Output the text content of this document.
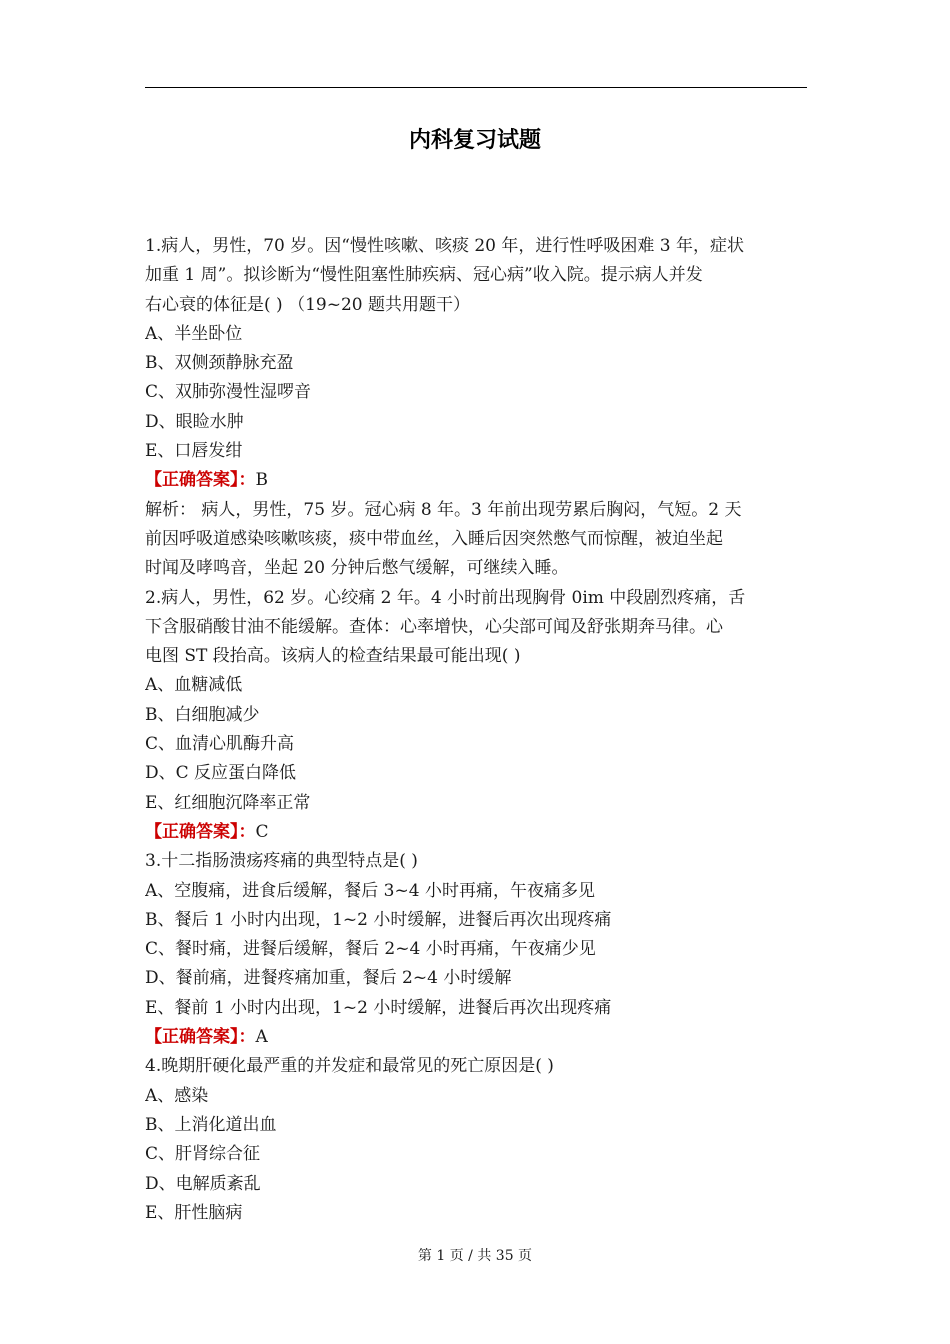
内科复习试题
1.病人，男性，70 岁。因“慢性咳嗽、咳痰 20 年，进行性呼吸困难 3 年，症状
加重 1 周”。拟诊断为“慢性阻塞性肺疾病、冠心病”收入院。提示病人并发
右心衰的体征是( ) （19~20 题共用题干）
A、半坐卧位
B、双侧颈静脉充盈
C、双肺弥漫性湿啰音
D、眼睑水肿
E、口唇发绀
【正确答案】：B
解析： 病人，男性，75 岁。冠心病 8 年。3 年前出现劳累后胸闷，气短。2 天
前因呼吸道感染咳嗽咳痰，痰中带血丝，入睡后因突然憋气而惊醒，被迫坐起
时闻及哮鸣音，坐起 20 分钟后憋气缓解，可继续入睡。
2.病人，男性，62 岁。心绞痛 2 年。4 小时前出现胸骨 0im 中段剧烈疼痛，舌
下含服硝酸甘油不能缓解。查体：心率增快，心尖部可闻及舒张期奔马律。心
电图 ST 段抬高。该病人的检查结果最可能出现( )
A、血糖减低
B、白细胞减少
C、血清心肌酶升高
D、C 反应蛋白降低
E、红细胞沉降率正常
【正确答案】：C
3.十二指肠溃疡疼痛的典型特点是( )
A、空腹痛，进食后缓解，餐后 3~4 小时再痛，午夜痛多见
B、餐后 1 小时内出现，1~2 小时缓解，进餐后再次出现疼痛
C、餐时痛，进餐后缓解，餐后 2~4 小时再痛，午夜痛少见
D、餐前痛，进餐疼痛加重，餐后 2~4 小时缓解
E、餐前 1 小时内出现，1~2 小时缓解，进餐后再次出现疼痛
【正确答案】：A
4.晚期肝硬化最严重的并发症和最常见的死亡原因是( )
A、感染
B、上消化道出血
C、肝肾综合征
D、电解质紊乱
E、肝性脑病
第 1 页 / 共 35 页
